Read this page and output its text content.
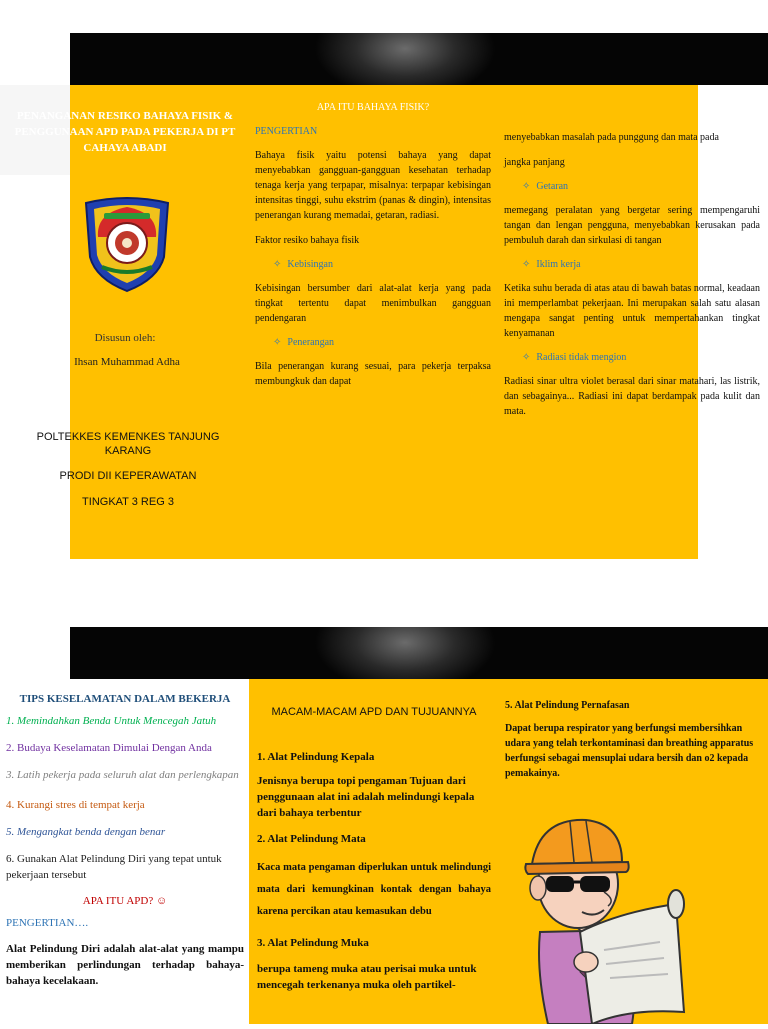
PENANGANAN RESIKO BAHAYA FISIK & PENGGUNAAN APD PADA PEKERJA DI PT CAHAYA ABADI
Disusun oleh:
Ihsan Muhammad Adha
POLTEKKES KEMENKES TANJUNG KARANG
PRODI DII KEPERAWATAN
TINGKAT 3 REG 3

APA ITU BAHAYA FISIK?

PENGERTIAN

Bahaya fisik yaitu potensi bahaya yang dapat menyebabkan gangguan-gangguan kesehatan terhadap tenaga kerja yang terpapar, misalnya: terpapar kebisingan intensitas tinggi, suhu ekstrim (panas & dingin), intensitas penerangan kurang memadai, getaran, radiasi.

Faktor resiko bahaya fisik

✧ Kebisingan

Kebisingan bersumber dari alat-alat kerja yang pada tingkat tertentu dapat menimbulkan gangguan pendengaran

✧ Penerangan

Bila penerangan kurang sesuai, para pekerja terpaksa membungkuk dan dapat

menyebabkan masalah pada punggung dan mata pada

jangka panjang

✧ Getaran

memegang peralatan yang bergetar sering mempengaruhi tangan dan lengan pengguna, menyebabkan kerusakan pada pembuluh darah dan sirkulasi di tangan

✧ Iklim kerja

Ketika suhu berada di atas atau di bawah batas normal, keadaan ini memperlambat pekerjaan. Ini merupakan salah satu alasan mengapa sangat penting untuk mempertahankan tingkat kenyamanan

✧ Radiasi tidak mengion

Radiasi sinar ultra violet berasal dari sinar matahari, las listrik, dan sebagainya... Radiasi ini dapat berdampak pada kulit dan mata.

TIPS KESELAMATAN DALAM BEKERJA

1. Memindahkan Benda Untuk Mencegah Jatuh

2. Budaya Keselamatan Dimulai Dengan Anda

3. Latih pekerja pada seluruh alat dan perlengkapan

4. Kurangi stres di tempat kerja

5. Mengangkat benda dengan benar

6. Gunakan Alat Pelindung Diri yang tepat untuk pekerjaan tersebut

APA ITU APD? ☺

PENGERTIAN….

Alat Pelindung Diri adalah alat-alat yang mampu memberikan perlindungan terhadap bahaya-bahaya kecelakaan.

MACAM-MACAM APD DAN TUJUANNYA

1. Alat Pelindung Kepala

Jenisnya berupa topi pengaman Tujuan dari penggunaan alat ini adalah melindungi kepala dari bahaya terbentur

2. Alat Pelindung Mata

Kaca mata pengaman diperlukan untuk melindungi mata dari kemungkinan kontak dengan bahaya karena percikan atau kemasukan debu

3. Alat Pelindung Muka

berupa tameng muka atau perisai muka untuk mencegah terkenanya muka oleh partikel-

5. Alat Pelindung Pernafasan

Dapat berupa respirator yang berfungsi membersihkan udara yang telah terkontaminasi dan breathing apparatus berfungsi sebagai mensuplai udara bersih dan o2 kepada pemakainya.
